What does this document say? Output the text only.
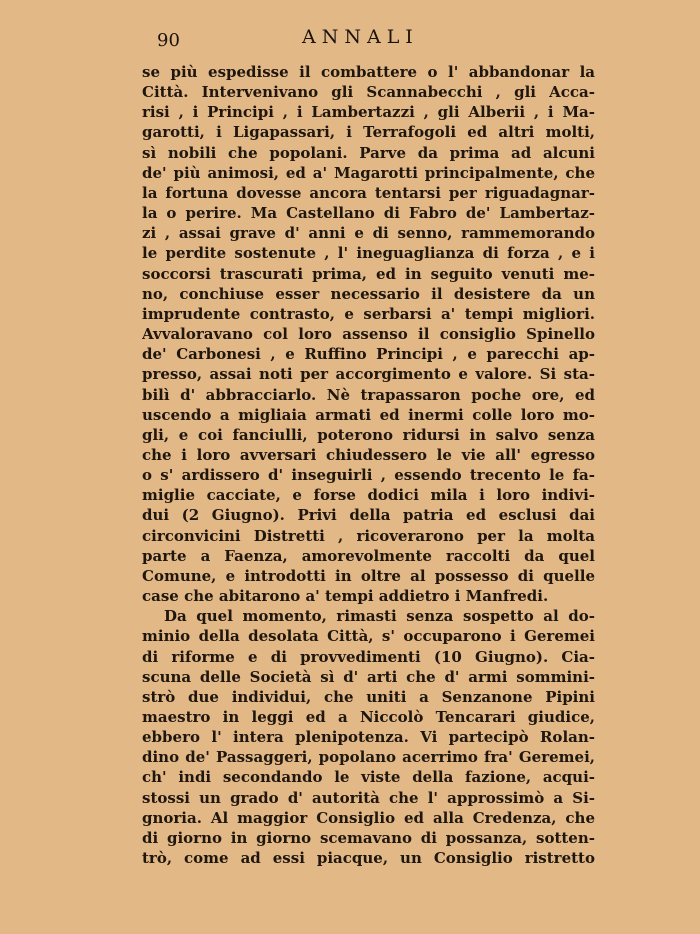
90	ANNALI
se più espedisse il combattere o l' abbandonar la
Città. Intervenivano gli Scannabecchi , gli Acca-
risi , i Principi , i Lambertazzi , gli Alberii , i Ma-
garotti, i Ligapassari, i Terrafogoli ed altri molti,
sì nobili che popolani. Parve da prima ad alcuni
de' più animosi, ed a' Magarotti principalmente, che
la fortuna dovesse ancora tentarsi per riguadagnar-
la o perire. Ma Castellano di Fabro de' Lambertaz-
zi , assai grave d' anni e di senno, rammemorando
le perdite sostenute , l' ineguaglianza di forza , e i
soccorsi trascurati prima, ed in seguito venuti me-
no, conchiuse esser necessario il desistere da un
imprudente contrasto, e serbarsi a' tempi migliori.
Avvaloravano col loro assenso il consiglio Spinello
de' Carbonesi , e Ruffino Principi , e parecchi ap-
presso, assai noti per accorgimento e valore. Si sta-
bilì d' abbracciarlo. Nè trapassaron poche ore, ed
uscendo a migliaia armati ed inermi colle loro mo-
gli, e coi fanciulli, poterono ridursi in salvo senza
che i loro avversari chiudessero le vie all' egresso
o s' ardissero d' inseguirli , essendo trecento le fa-
miglie cacciate, e forse dodici mila i loro indivi-
dui (2 Giugno). Privi della patria ed esclusi dai
circonvicini Distretti , ricoverarono per la molta
parte a Faenza, amorevolmente raccolti da quel
Comune, e introdotti in oltre al possesso di quelle
case che abitarono a' tempi addietro i Manfredi.
Da quel momento, rimasti senza sospetto al do-
minio della desolata Città, s' occuparono i Geremei
di riforme e di provvedimenti (10 Giugno). Cia-
scuna delle Società sì d' arti che d' armi sommini-
strò due individui, che uniti a Senzanone Pipini
maestro in leggi ed a Niccolò Tencarari giudice,
ebbero l' intera plenipotenza. Vi partecipò Rolan-
dino de' Passaggeri, popolano acerrimo fra' Geremei,
ch' indi secondando le viste della fazione, acqui-
stossi un grado d' autorità che l' approssimò a Si-
gnoria. Al maggior Consiglio ed alla Credenza, che
di giorno in giorno scemavano di possanza, sotten-
trò, come ad essi piacque, un Consiglio ristretto
